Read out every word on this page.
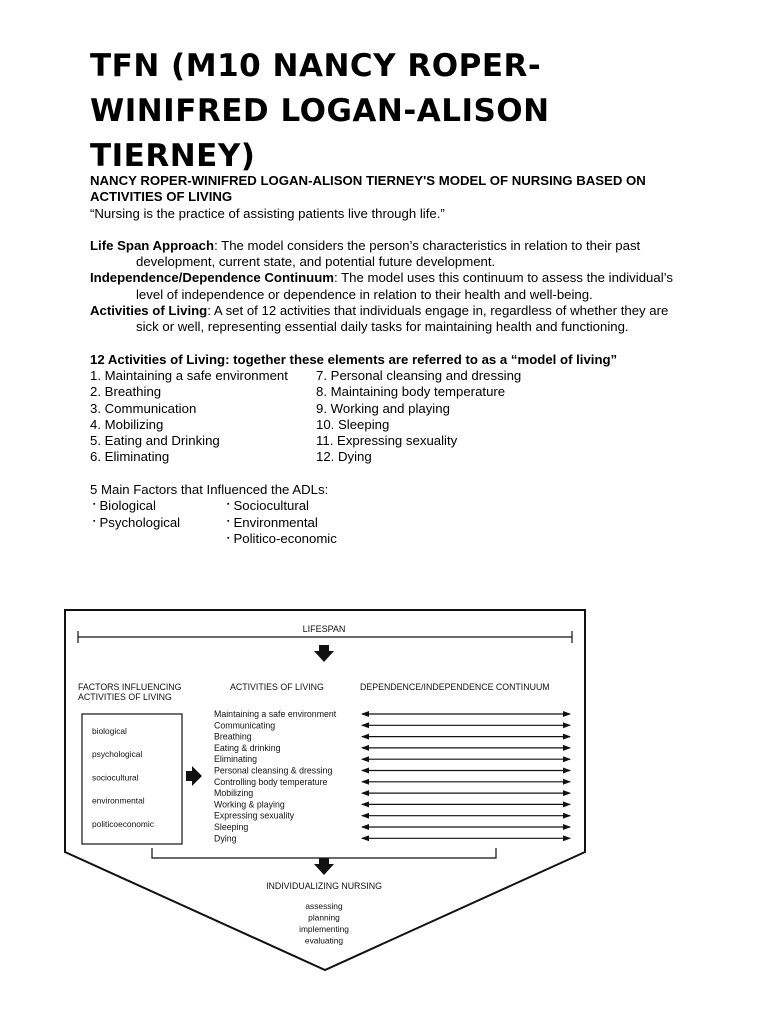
TFN (M10 NANCY ROPER-WINIFRED LOGAN-ALISON TIERNEY)

NANCY ROPER-WINIFRED LOGAN-ALISON TIERNEY'S MODEL OF NURSING BASED ON ACTIVITIES OF LIVING

“Nursing is the practice of assisting patients live through life.”

Life Span Approach: The model considers the person’s characteristics in relation to their past development, current state, and potential future development.

Independence/Dependence Continuum: The model uses this continuum to assess the individual’s level of independence or dependence in relation to their health and well-being.

Activities of Living: A set of 12 activities that individuals engage in, regardless of whether they are sick or well, representing essential daily tasks for maintaining health and functioning.

12 Activities of Living: together these elements are referred to as a “model of living”

1. Maintaining a safe environment
2. Breathing
3. Communication
4. Mobilizing
5. Eating and Drinking
6. Eliminating
7. Personal cleansing and dressing
8. Maintaining body temperature
9. Working and playing
10. Sleeping
11. Expressing sexuality
12. Dying

5 Main Factors that Influenced the ADLs:

▪ Biological
▪ Psychological
▪ Sociocultural
▪ Environmental
▪ Politico-economic
LIFESPAN
FACTORS INFLUENCING ACTIVITIES OF LIVING
ACTIVITIES OF LIVING	DEPENDENCE/INDEPENDENCE CONTINUUM
biological
psychological
sociocultural
environmental
politicoeconomic
Maintaining a safe environment
Communicating
Breathing
Eating & drinking
Eliminating
Personal cleansing & dressing
Controlling body temperature
Mobilizing
Working & playing
Expressing sexuality
Sleeping
Dying
INDIVIDUALIZING NURSING
assessing
planning
implementing
evaluating
